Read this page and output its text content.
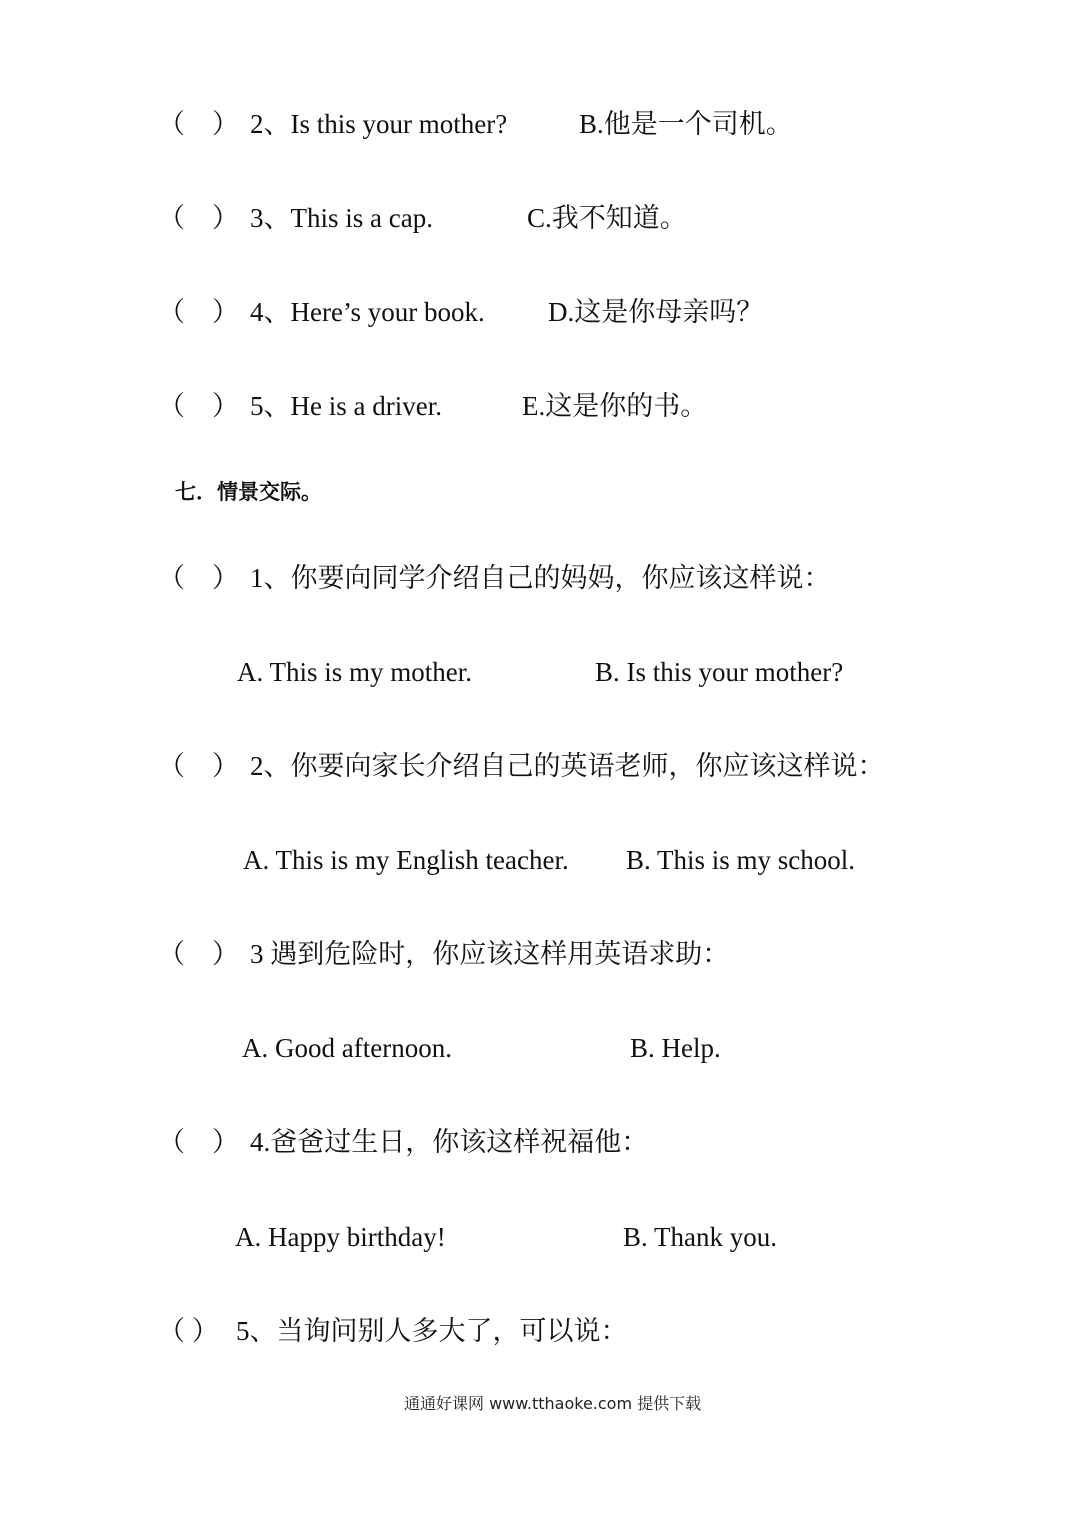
（　） 2、Is this your mother?	B.他是一个司机。
（　） 3、This is a cap.	C.我不知道。
（　） 4、Here’s your book. D.这是你母亲吗？
（　） 5、He is a driver.	E.这是你的书。
七．情景交际。
（　） 1、你要向同学介绍自己的妈妈，你应该这样说：
A. This is my mother.	B. Is this your mother?
（　） 2、你要向家长介绍自己的英语老师，你应该这样说：
A. This is my English teacher. B. This is my school.
（　） 3 遇到危险时，你应该这样用英语求助：
A. Good afternoon.	B. Help.
（　） 4.爸爸过生日，你该这样祝福他：
A. Happy birthday!	B. Thank you.
（ ） 5、当询问别人多大了，可以说：
通通好课网 www.tthaoke.com 提供下载
